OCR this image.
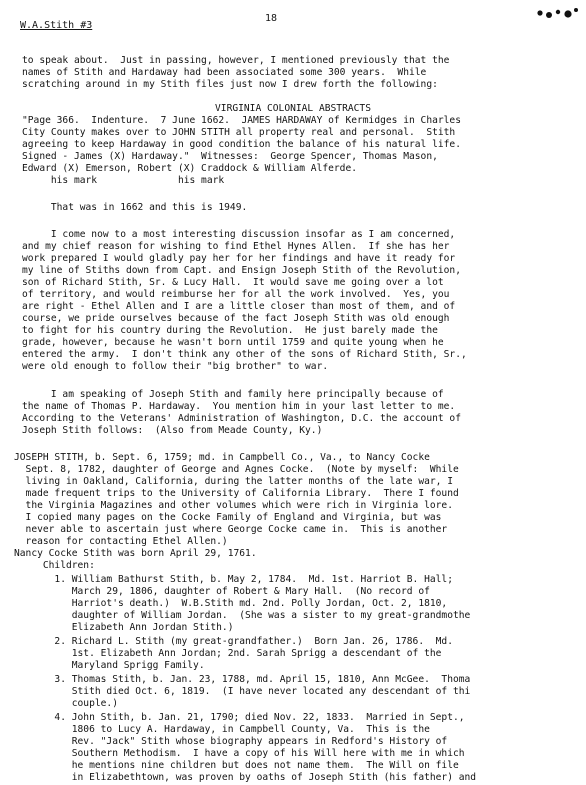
W.A.Stith #3
18
to speak about.  Just in passing, however, I mentioned previously that the
names of Stith and Hardaway had been associated some 300 years.  While
scratching around in my Stith files just now I drew forth the following:
VIRGINIA COLONIAL ABSTRACTS
"Page 366.  Indenture.  7 June 1662.  JAMES HARDAWAY of Kermidges in Charles
City County makes over to JOHN STITH all property real and personal.  Stith
agreeing to keep Hardaway in good condition the balance of his natural life.
Signed - James (X) Hardaway."  Witnesses:  George Spencer, Thomas Mason,
Edward (X) Emerson, Robert (X) Craddock & William Alferde.
his mark              his mark
That was in 1662 and this is 1949.
I come now to a most interesting discussion insofar as I am concerned,
and my chief reason for wishing to find Ethel Hynes Allen.  If she has her
work prepared I would gladly pay her for her findings and have it ready for
my line of Stiths down from Capt. and Ensign Joseph Stith of the Revolution,
son of Richard Stith, Sr. & Lucy Hall.  It would save me going over a lot
of territory, and would reimburse her for all the work involved.  Yes, you
are right - Ethel Allen and I are a little closer than most of them, and of
course, we pride ourselves because of the fact Joseph Stith was old enough
to fight for his country during the Revolution.  He just barely made the
grade, however, because he wasn't born until 1759 and quite young when he
entered the army.  I don't think any other of the sons of Richard Stith, Sr.,
were old enough to follow their "big brother" to war.
I am speaking of Joseph Stith and family here principally because of
the name of Thomas P. Hardaway.  You mention him in your last letter to me.
According to the Veterans' Administration of Washington, D.C. the account of
Joseph Stith follows:  (Also from Meade County, Ky.)
JOSEPH STITH, b. Sept. 6, 1759; md. in Campbell Co., Va., to Nancy Cocke
Sept. 8, 1782, daughter of George and Agnes Cocke.  (Note by myself:  While
living in Oakland, California, during the latter months of the late war, I
made frequent trips to the University of California Library.  There I found
the Virginia Magazines and other volumes which were rich in Virginia lore.
I copied many pages on the Cocke Family of England and Virginia, but was
never able to ascertain just where George Cocke came in.  This is another
reason for contacting Ethel Allen.)
Nancy Cocke Stith was born April 29, 1761.
Children:
1. William Bathurst Stith, b. May 2, 1784.  Md. 1st. Harriot B. Hall;
March 29, 1806, daughter of Robert & Mary Hall.  (No record of
Harriot's death.)  W.B.Stith md. 2nd. Polly Jordan, Oct. 2, 1810,
daughter of William Jordan.  (She was a sister to my great-grandmothe
Elizabeth Ann Jordan Stith.)
2. Richard L. Stith (my great-grandfather.)  Born Jan. 26, 1786.  Md.
1st. Elizabeth Ann Jordan; 2nd. Sarah Sprigg a descendant of the
Maryland Sprigg Family.
3. Thomas Stith, b. Jan. 23, 1788, md. April 15, 1810, Ann McGee.  Thoma
Stith died Oct. 6, 1819.  (I have never located any descendant of thi
couple.)
4. John Stith, b. Jan. 21, 1790; died Nov. 22, 1833.  Married in Sept.,
1806 to Lucy A. Hardaway, in Campbell County, Va.  This is the
Rev. "Jack" Stith whose biography appears in Redford's History of
Southern Methodism.  I have a copy of his Will here with me in which
he mentions nine children but does not name them.  The Will on file
in Elizabethtown, was proven by oaths of Joseph Stith (his father) and
